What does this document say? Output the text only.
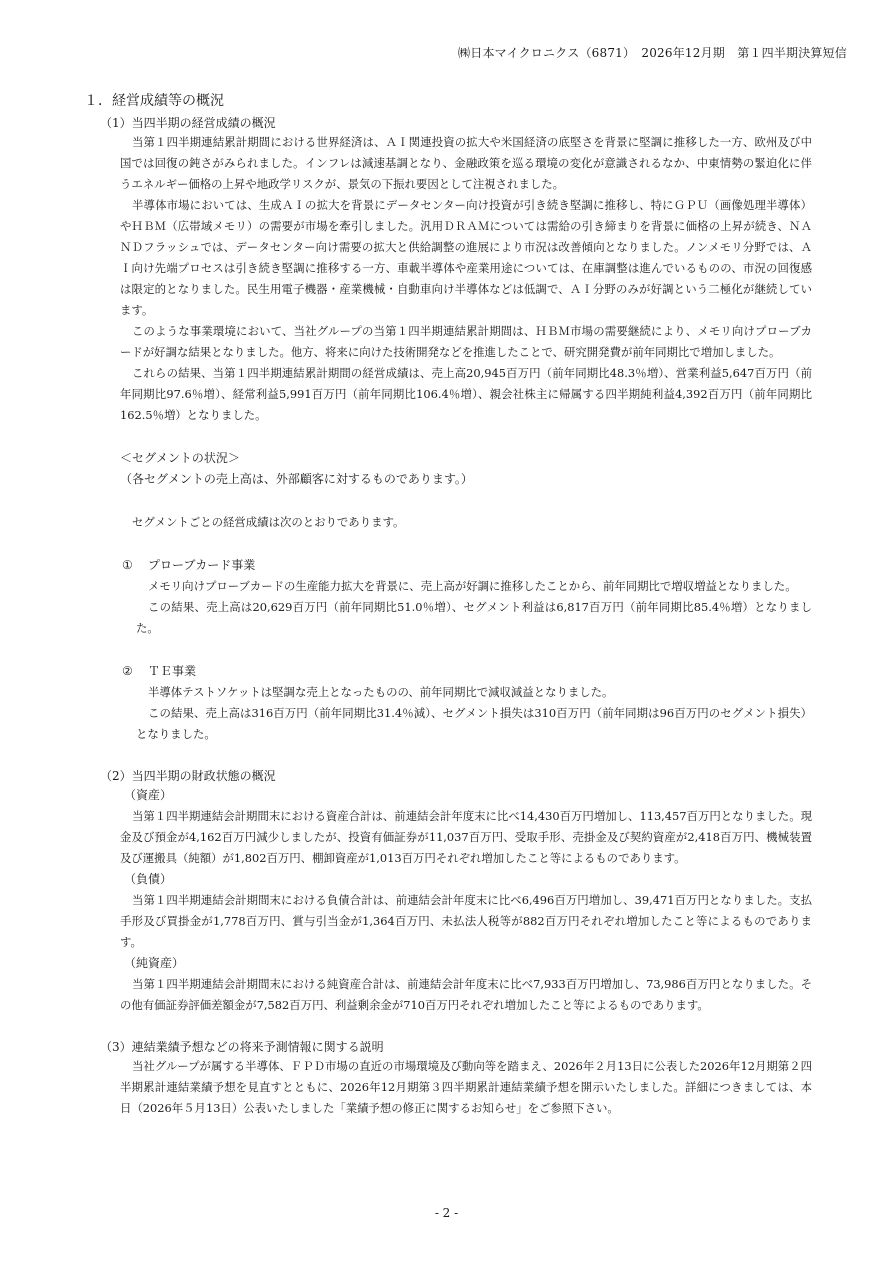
㈱日本マイクロニクス（6871）　2026年12月期　第１四半期決算短信
１．経営成績等の概況
（1）当四半期の経営成績の概況

当第１四半期連結累計期間における世界経済は、ＡＩ関連投資の拡大や米国経済の底堅さを背景に堅調に推移した一方、欧州及び中国では回復の鈍さがみられました。インフレは減速基調となり、金融政策を巡る環境の変化が意識されるなか、中東情勢の緊迫化に伴うエネルギー価格の上昇や地政学リスクが、景気の下振れ要因として注視されました。

半導体市場においては、生成ＡＩの拡大を背景にデータセンター向け投資が引き続き堅調に推移し、特にＧＰＵ（画像処理半導体）やＨＢＭ（広帯域メモリ）の需要が市場を牽引しました。汎用ＤＲＡＭについては需給の引き締まりを背景に価格の上昇が続き、ＮＡＮＤフラッシュでは、データセンター向け需要の拡大と供給調整の進展により市況は改善傾向となりました。ノンメモリ分野では、ＡＩ向け先端プロセスは引き続き堅調に推移する一方、車載半導体や産業用途については、在庫調整は進んでいるものの、市況の回復感は限定的となりました。民生用電子機器・産業機械・自動車向け半導体などは低調で、ＡＩ分野のみが好調という二極化が継続しています。

このような事業環境において、当社グループの当第１四半期連結累計期間は、ＨＢＭ市場の需要継続により、メモリ向けプローブカードが好調な結果となりました。他方、将来に向けた技術開発などを推進したことで、研究開発費が前年同期比で増加しました。

これらの結果、当第１四半期連結累計期間の経営成績は、売上高20,945百万円（前年同期比48.3％増）、営業利益5,647百万円（前年同期比97.6％増）、経常利益5,991百万円（前年同期比106.4％増）、親会社株主に帰属する四半期純利益4,392百万円（前年同期比162.5％増）となりました。

＜セグメントの状況＞
（各セグメントの売上高は、外部顧客に対するものであります。）

セグメントごとの経営成績は次のとおりであります。

① プローブカード事業

メモリ向けプローブカードの生産能力拡大を背景に、売上高が好調に推移したことから、前年同期比で増収増益となりました。

この結果、売上高は20,629百万円（前年同期比51.0％増）、セグメント利益は6,817百万円（前年同期比85.4％増）となりました。

② ＴＥ事業

半導体テストソケットは堅調な売上となったものの、前年同期比で減収減益となりました。

この結果、売上高は316百万円（前年同期比31.4％減）、セグメント損失は310百万円（前年同期は96百万円のセグメント損失）となりました。

（2）当四半期の財政状態の概況
（資産）

当第１四半期連結会計期間末における資産合計は、前連結会計年度末に比べ14,430百万円増加し、113,457百万円となりました。現金及び預金が4,162百万円減少しましたが、投資有価証券が11,037百万円、受取手形、売掛金及び契約資産が2,418百万円、機械装置及び運搬具（純額）が1,802百万円、棚卸資産が1,013百万円それぞれ増加したこと等によるものであります。

（負債）

当第１四半期連結会計期間末における負債合計は、前連結会計年度末に比べ6,496百万円増加し、39,471百万円となりました。支払手形及び買掛金が1,778百万円、賞与引当金が1,364百万円、未払法人税等が882百万円それぞれ増加したこと等によるものであります。

（純資産）

当第１四半期連結会計期間末における純資産合計は、前連結会計年度末に比べ7,933百万円増加し、73,986百万円となりました。その他有価証券評価差額金が7,582百万円、利益剰余金が710百万円それぞれ増加したこと等によるものであります。

（3）連結業績予想などの将来予測情報に関する説明

当社グループが属する半導体、ＦＰＤ市場の直近の市場環境及び動向等を踏まえ、2026年２月13日に公表した2026年12月期第２四半期累計連結業績予想を見直すとともに、2026年12月期第３四半期累計連結業績予想を開示いたしました。詳細につきましては、本日（2026年５月13日）公表いたしました「業績予想の修正に関するお知らせ」をご参照下さい。

- 2 -
